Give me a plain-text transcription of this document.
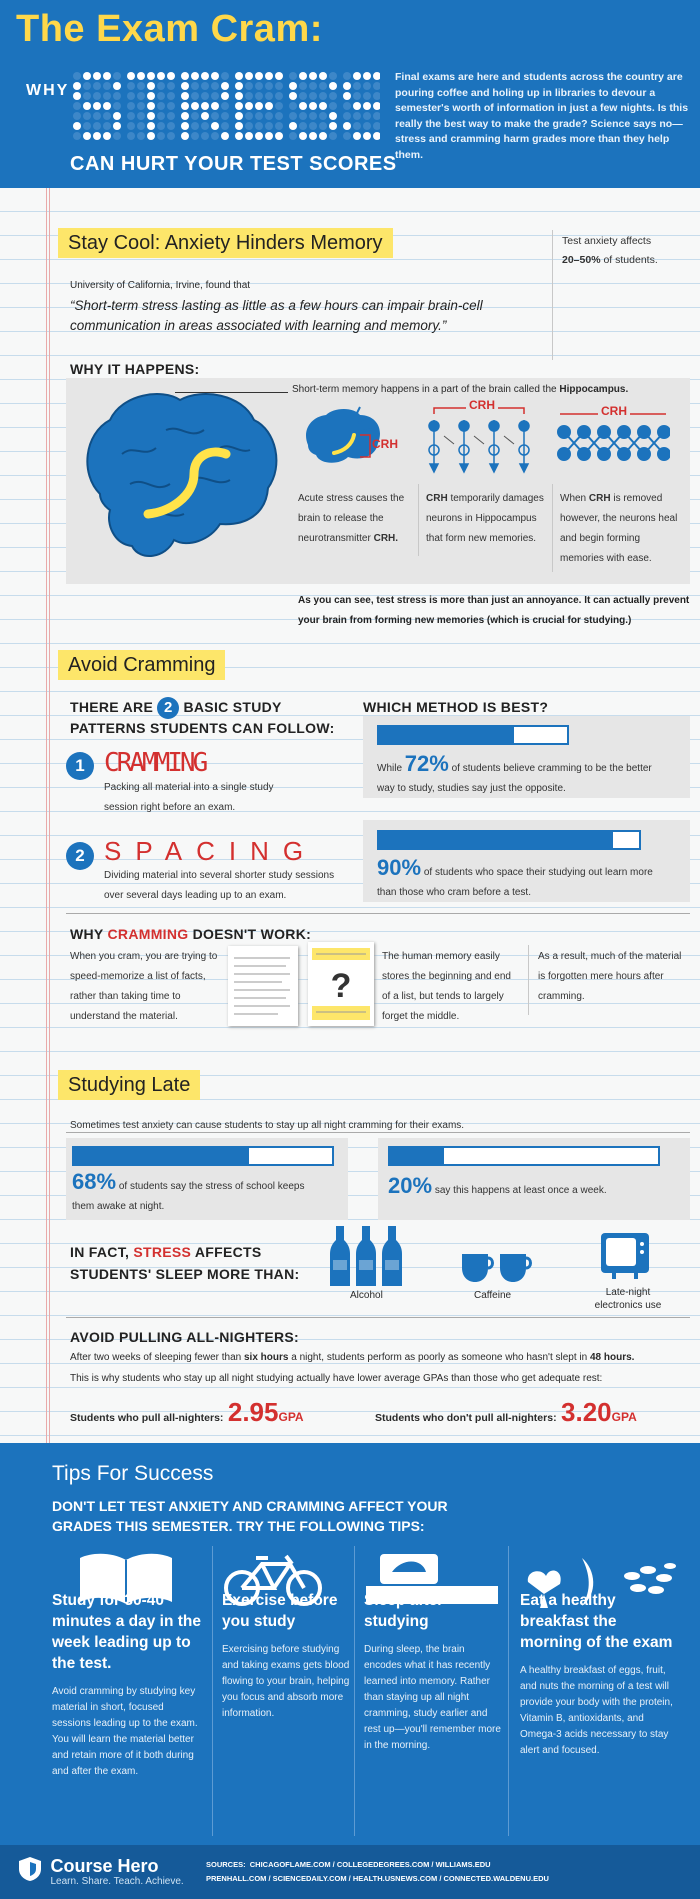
The Exam Cram:
WHY
CAN HURT YOUR TEST SCORES
Final exams are here and students across the country are pouring coffee and holing up in libraries to devour a semester's worth of information in just a few nights. Is this really the best way to make the grade? Science says no—stress and cramming harm grades more than they help them.
Stay Cool: Anxiety Hinders Memory	Test anxiety affects
20–50% of students.
University of California, Irvine, found that
“Short-term stress lasting as little as a few hours can impair brain-cell communication in areas associated with learning and memory.”
WHY IT HAPPENS:
Short-term memory happens in a part of the brain called the Hippocampus.
CRH
CRH	CRH
Acute stress causes the brain to release the neurotransmitter CRH.
CRH temporarily damages neurons in Hippocampus that form new memories.
When CRH is removed however, the neurons heal and begin forming memories with ease.
As you can see, test stress is more than just an annoyance. It can actually prevent your brain from forming new memories (which is crucial for studying.)
Avoid Cramming
THERE ARE 2 BASIC STUDY
PATTERNS STUDENTS CAN FOLLOW:
WHICH METHOD IS BEST?
1 CRAMMING
Packing all material into a single study session right before an exam.
2 SPACING
Dividing material into several shorter study sessions over several days leading up to an exam.
While 72% of students believe cramming to be the better way to study, studies say just the opposite.
90% of students who space their studying out learn more than those who cram before a test.
WHY CRAMMING DOESN'T WORK:
When you cram, you are trying to speed-memorize a list of facts, rather than taking time to understand the material.
?
The human memory easily stores the beginning and end of a list, but tends to largely forget the middle.
As a result, much of the material is forgotten mere hours after cramming.
Studying Late
Sometimes test anxiety can cause students to stay up all night cramming for their exams.
68% of students say the stress of school keeps them awake at night.
20% say this happens at least once a week.
IN FACT, STRESS AFFECTS
STUDENTS' SLEEP MORE THAN:
Alcohol	Caffeine	Late-night electronics use
AVOID PULLING ALL-NIGHTERS:
After two weeks of sleeping fewer than six hours a night, students perform as poorly as someone who hasn't slept in 48 hours.
This is why students who stay up all night studying actually have lower average GPAs than those who get adequate rest:
Students who pull all-nighters: 2.95GPA	Students who don't pull all-nighters: 3.20GPA
Tips For Success
DON'T LET TEST ANXIETY AND CRAMMING AFFECT YOUR GRADES THIS SEMESTER. TRY THE FOLLOWING TIPS:
Study for 30-40 minutes a day in the week leading up to the test.
Avoid cramming by studying key material in short, focused sessions leading up to the exam. You will learn the material better and retain more of it both during and after the exam.
Exercise before you study
Exercising before studying and taking exams gets blood flowing to your brain, helping you focus and absorb more information.
Sleep after studying
During sleep, the brain encodes what it has recently learned into memory. Rather than staying up all night cramming, study earlier and rest up—you'll remember more in the morning.
Eat a healthy breakfast the morning of the exam
A healthy breakfast of eggs, fruit, and nuts the morning of a test will provide your body with the protein, Vitamin B, antioxidants, and Omega-3 acids necessary to stay alert and focused.

Course Hero
Learn. Share. Teach. Achieve.
SOURCES: CHICAGOFLAME.COM / COLLEGEDEGREES.COM / WILLIAMS.EDU
PRENHALL.COM / SCIENCEDAILY.COM / HEALTH.USNEWS.COM / CONNECTED.WALDENU.EDU
